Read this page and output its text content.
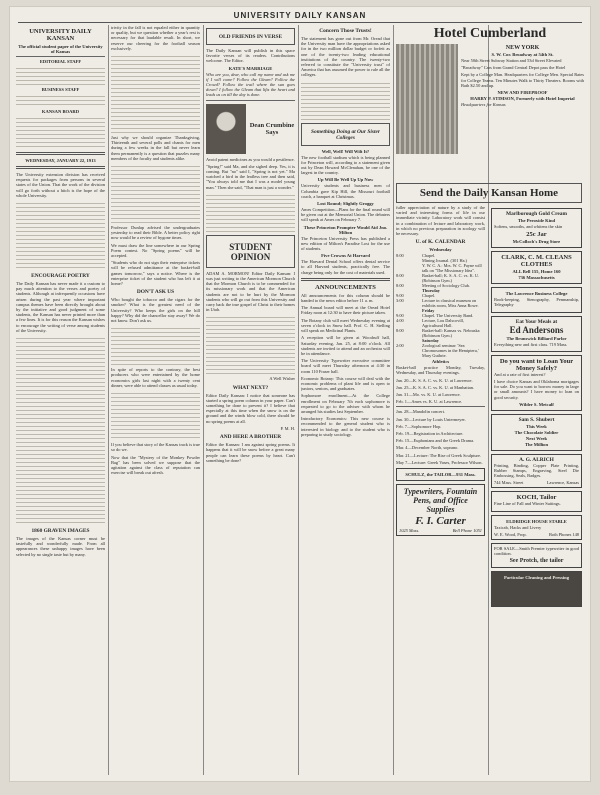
UNIVERSITY DAILY KANSAN
UNIVERSITY DAILY KANSAN
The official student paper of the University of Kansas
EDITORIAL STAFF

BUSINESS STAFF

KANSAN BOARD

WEDNESDAY, JANUARY 22, 1913

The University extension division has received requests for packages from persons in several states of the Union. That the work of the division will go forth without a hitch is the hope of the whole University.

ENCOURAGE POETRY

The Daily Kansan has never made it a custom to pay much attention to the verses and poetry of students. Although at infrequently occasions have arisen during the past year where important campus themes have been directly brought about by the initiative and good judgment of some students, the Kansan has never printed more than a few lines. It is for this reason the Kansan wishes to encourage the writing of verse among students of the University.

1860 GRAVEN IMAGES

The images of the Kansas corner must be tastefully and wonderfully made. From all appearances these unhappy images have been selected by no single taste but by many.

trivity in the fall is not equaled either in quantity or quality, but we question whether a year's rest is necessary for that laudable result. In short, we reserve our cheering for the football season exclusively.

Just why we should organize Thanksgiving, Thirteenth and several polls and chants for men during a few weeks in the fall but never learn them permanently is a question that puzzles many members of the faculty and students alike.

Professor Dunlap advised the undergraduates yesterday to read their Bible. A better policy right now would be a review of bygone times.

We must draw the line somewhere in our Spring Poem contest. No "Spring poems" will be accepted.

"Students who do not sign their enterprise tickets will be refused admittance at the basket-ball games tomorrow," says a notice. Where is the enterprise ticket of the student who has left it at home?

DON'T ASK US

Who bought the tobacco and the cigars for the smoker? What is the greatest need of the University? Who keeps the girls on the hill happy? Why did the chancellor stay away? We do not know. Don't ask us.

In spite of reports to the contrary, the best producers who were entertained by the home economics girls last night with a twenty cent dinner, were able to attend classes as usual today.

If you believe that story of the Kansas track is true so do we.

Now that the "Mystery of the Monkey Powder Bag" has been solved we suppose that the agitation against the class of reputation can exercise will break out afresh.

OLD FRIENDS IN VERSE

The Daily Kansan will publish in this space favorite verses of its readers. Contributions welcome. The Editor.

KATE'S MARRIAGE

Who are you, dear, who call my name and ask me if I will come? Follow the Gleam? Follow the Crowd? Follow the trail where the sun goes down? I follow the Gleam that lifts the heart and leads us on till the day is done.

Dean Crumbine Says

Avoid patent medicines as you would a pestilence.

"Spring!" said Ma, and she sighed deep. Yes, it is coming. But "no" said I, "Spring is not yet." Ma watched a bird in the leafless tree and then said, "You always told me that I was a model young man." Then she said, "That man is just a wonder."

STUDENT OPINION

ADAM A. MORMON! Editor Daily Kansan: I was just writing to the American Mormon Church that the Mormon Church is to be commended for its missionary work and that the American students are not to be hurt by the Mormon students who will go out from this University and carry back the true gospel of Christ to their homes in Utah.

A Well Wisher

WHAT NEXT?

Editor Daily Kansan: I notice that someone has started a spring poem column in your paper. Can't something be done to prevent it? I believe that especially at this time when the snow is on the ground and the winds blow cold, there should be no spring poems at all.

P. M. H.

AND HERE A BROTHER

Editor the Kansan: I am against spring poems. It happens that it will be snow before a great many people can learn these poems by heart. Can't something be done?

Concern Those Trusts!

The statement has gone out from Mr. Oread that the University man have the appropriations asked for in the two million dollar budget or forfeit as one of the twenty-two leading educational institutions of the country. The twenty-two referred to constitute the "University trust" of America that has assumed the power to rule all the colleges.

Something Doing at Our Sister Colleges
Well, Well! Will Wilt It?

The new football stadium which is being planned for Princeton will, according to a statement given out by Dean Howard McClenahan, be one of the largest in the country.

Up Will Be Well Up Up Now

University students and business men of Columbia gave Kip Hill, the Missouri football coach, a banquet at Christmas.

Lost Round; Slightly Groggy

Ames Competition—Plans for the final round will be given out at the Memorial Union. The debaters will speak at Ames on February 7.

These Princeton Prompter Would Aid Jno. Milton

The Princeton University Press has published a new edition of Milton's Paradise Lost for the use of students.

Five Crowns At Harvard

The Harvard Dental School offers dental service to all Harvard students, practically free. The charge being only for the cost of materials used.

ANNOUNCEMENTS

All announcements for this column should be handed to the news editor before 11 a. m.

The Annual board will meet at the Oread Hotel Friday noon at 12:30 to have their picture taken.

The Botany club will meet Wednesday evening at seven o'clock in Snow hall. Prof. C. H. Stelling will speak on Medicinal Plants.

A reception will be given at Woodruff hall, Saturday evening, Jan. 25, at 8:00 o'clock. All students are invited to attend and an orchestra will be in attendance.

The University Typewriter executive committee board will meet Thursday afternoon at 4:30 in room 110 Fraser hall.

Economic Botany: This course will deal with the economic problems of plant life and is open to juniors, seniors, and graduates.

Sophomore enrollment—At the College enrollment on February 7th each sophomore is requested to go to the adviser with whom he arranged his studies last September.

Introductory Economics: This new course is recommended to the general student who is interested in biology and to the student who is preparing to study sociology.

Hotel Cumberland
NEW YORK
S. W. Cor. Broadway at 54th St.

Near 50th Street Subway Station and 53d Street Elevated

"Broadway" Cars from Grand Central Depot pass the Hotel

Kept by a College Man. Headquarters for College Men. Special Rates for College Teams. Ten Minutes Walk to Thirty Theaters. Rooms with Bath $2.50 and up.

NEW AND FIREPROOF
HARRY P. STIMSON, Formerly with Hotel Imperial

Headquarters for Kansas

Send the Daily Kansan Home

fuller appreciation of nature by a study of the varied and interesting forms of life in our immediate vicinity. Laboratory work will consist in a combination of lecture and laboratory work, in which no previous preparation in zoology will be necessary.

U. of K. CALENDAR
Wednesday
8:00	Chapel.
Mining Journal. (301 Ha.)
Y. W. C. A.: Mrs. W. C. Payne will talk on "The Missionary Idea".
8:00	Basket-ball; K. S. A. C. vs. K. U. (Robinson Gym.)
8:00	Meeting of Sociology Club.
Thursday
9:00	Chapel.
3:00	Lecture in classical museum on exhibits room, Miss Anna Rowe.
Friday
9:00	Chapel. The University Band.
4:00	Lecture, Lou Dalscovill, Agricultural Hall.
8:00	Basket-ball: Kansas vs. Nebraska (Robinson Gym.)
Saturday
2:00	Zoological seminar: 'Sea Chromosomes in the Hemiptera,' Mary Guthrie.
Athletics

Basket-ball practice Monday, Tuesday, Wednesday, and Thursday evenings.

Jan. 20—K. S. A. C. vs. K. U. at Lawrence.

Jan. 25—K. S. A. C. vs. K. U. at Manhattan.

Jan. 31—Mo. vs. K. U. at Lawrence.

Feb. 1—Ames vs. K. U. at Lawrence.

Jan. 28—Mandolin concert.

Jan. 30—Lecture by Louis Untermeyer.

Feb. 7—Sophomore Hop.

Feb. 19—Registration in Architecture.

Feb. 15—Euphonians and the Greek Drama.

Mar. 4—December North, soprano.

Mar. 21—Lecture: The Rise of Greek Sculpture.

May 7—Lecture: Greek Vases, Professor Wilson.

SCHULZ, the TAILOR—931 Mass.
Typewriters, Fountain Pens, and Office Supplies
F. I. Carter
1025 Mass.	Bell Phone 1051
Marlborough Gold Cream
The Peroxide Kind

Softens, smooths, and whitens the skin

25c Jar
McColloch's Drug Store
CLARK, C. M. CLEANS CLOTHES
ALL Bell 155, Home 160
736 Massachusetts
The Lawrence Business College

Book-keeping, Stenography, Penmanship, Telegraphy

Eat Your Meals at
Ed Andersons
The Brunswick Billiard Parlor

Everything new and first class. 719 Mass.

Do you want to Loan Your Money Safely?

And at a rate of first interest?

I have choice Kansas and Oklahoma mortgages for sale. Do you want to borrow money in large or small amounts? I have money to loan on good security.

Wilder S. Metcalf
Sam S. Shubert
This Week
The Chocolate Soldier
Next Week
The Million
A. G. ALRICH

Printing, Binding, Copper Plate Printing, Rubber Stamps, Engraving, Steel Die Embossing, Seals, Badges.

744 Mass. Street	Lawrence, Kansas
KOCH, Tailor

Fine Line of Fall and Winter Suitings.

ELDRIDGE HOUSE STABLE

Taxicab, Hacks and Livery

W. E. Wood, Prop.	Both Phones 148

FOR SALE—Smith Premier typewriter in good condition.

See Protch, the tailor
Particular Cleaning and Pressing
